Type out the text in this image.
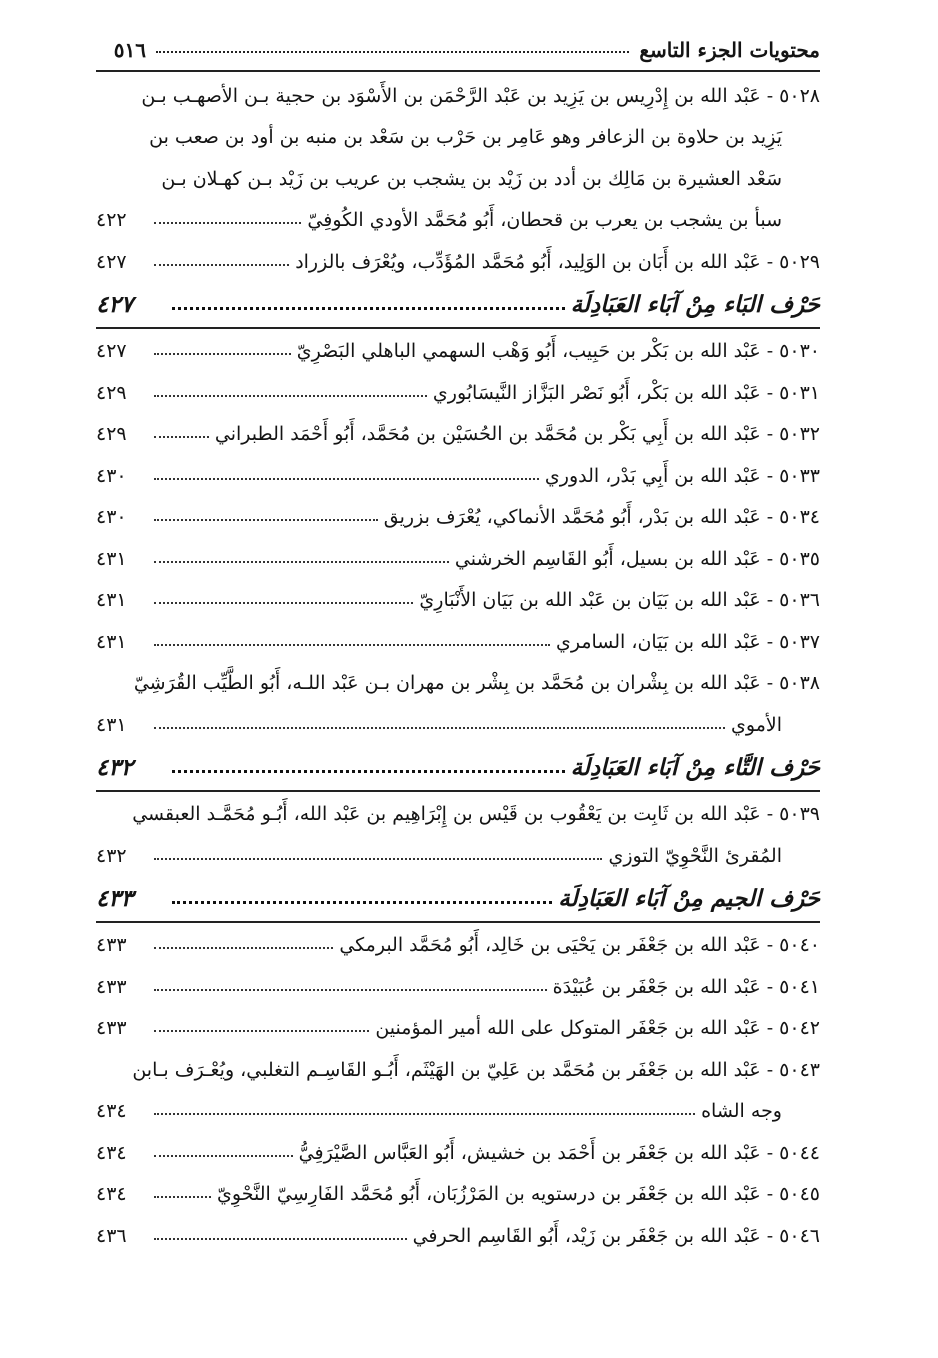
محتويات الجزء التاسع
٥١٦
٥٠٢٨ -عَبْد الله بن إِدْرِيس بن يَزِيد بن عَبْد الرَّحْمَن بن الأَسْوَد بن حجية بـن الأصهـب بـن
يَزِيد بن حلاوة بن الزعافر وهو عَامِر بن حَرْب بن سَعْد بن منبه بن أود بن صعب بن
سَعْد العشيرة بن مَالِك بن أدد بن زَيْد بن يشجب بن عريب بن زَيْد بـن كهـلان بـن
سبأ بن يشجب بن يعرب بن قحطان، أَبُو مُحَمَّد الأودي الكُوفِيّ
٤٢٢
٥٠٢٩ -عَبْد الله بن أَبَان بن الوَلِيد، أَبُو مُحَمَّد المُؤَدِّب، ويُعْرَف بالزراد
٤٢٧
حَرْف البَاء مِنْ آبَاء العَبَادِلَة
٤٢٧
٥٠٣٠ -عَبْد الله بن بَكْر بن حَبِيب، أَبُو وَهْب السهمي الباهلي البَصْرِيّ
٤٢٧
٥٠٣١ -عَبْد الله بن بَكْر، أَبُو نَصْر البَزَّاز النَّيسَابُوري
٤٢٩
٥٠٣٢ -عَبْد الله بن أَبِي بَكْر بن مُحَمَّد بن الحُسَيْن بن مُحَمَّد، أَبُو أَحْمَد الطبراني
٤٢٩
٥٠٣٣ -عَبْد الله بن أَبِي بَدْر، الدوري
٤٣٠
٥٠٣٤ -عَبْد الله بن بَدْر، أَبُو مُحَمَّد الأنماكي، يُعْرَف بزريق
٤٣٠
٥٠٣٥ -عَبْد الله بن بسيل، أَبُو القَاسِم الخرشني
٤٣١
٥٠٣٦ -عَبْد الله بن بَيَان بن عَبْد الله بن بَيَان الأَنْبَارِيّ
٤٣١
٥٠٣٧ -عَبْد الله بن بَيَان، السامري
٤٣١
٥٠٣٨ -عَبْد الله بن بِشْران بن مُحَمَّد بن بِشْر بن مهران بـن عَبْد اللـه، أَبُو الطَّيِّب القُرَشِيّ
الأموي
٤٣١
حَرْف التَّاء مِنْ آبَاء العَبَادِلَة
٤٣٢
٥٠٣٩ -عَبْد الله بن ثَابِت بن يَعْقُوب بن قَيْس بن إِبْرَاهِيم بن عَبْد الله، أَبُـو مُحَمَّـد العبقسي
المُقرئ النَّحْوِيّ التوزي
٤٣٢
حَرْف الجيم مِنْ آبَاء العَبَادِلَة
٤٣٣
٥٠٤٠ -عَبْد الله بن جَعْفَر بن يَحْيَى بن خَالِد، أَبُو مُحَمَّد البرمكي
٤٣٣
٥٠٤١ -عَبْد الله بن جَعْفَر بن عُبَيْدَة
٤٣٣
٥٠٤٢ -عَبْد الله بن جَعْفَر المتوكل على الله أمير المؤمنين
٤٣٣
٥٠٤٣ -عَبْد الله بن جَعْفَر بن مُحَمَّد بن عَلِيّ بن الهَيْثَم، أَبُـو القَاسِـم التغلبي، ويُعْـرَف بـابن
وجه الشاه
٤٣٤
٥٠٤٤ -عَبْد الله بن جَعْفَر بن أَحْمَد بن خشيش، أَبُو العَبَّاس الصَّيْرَفِيُّ
٤٣٤
٥٠٤٥ -عَبْد الله بن جَعْفَر بن درستويه بن المَرْزُبَان، أَبُو مُحَمَّد الفَارِسِيّ النَّحْوِيّ
٤٣٤
٥٠٤٦ -عَبْد الله بن جَعْفَر بن زَيْد، أَبُو القَاسِم الحرفي
٤٣٦
